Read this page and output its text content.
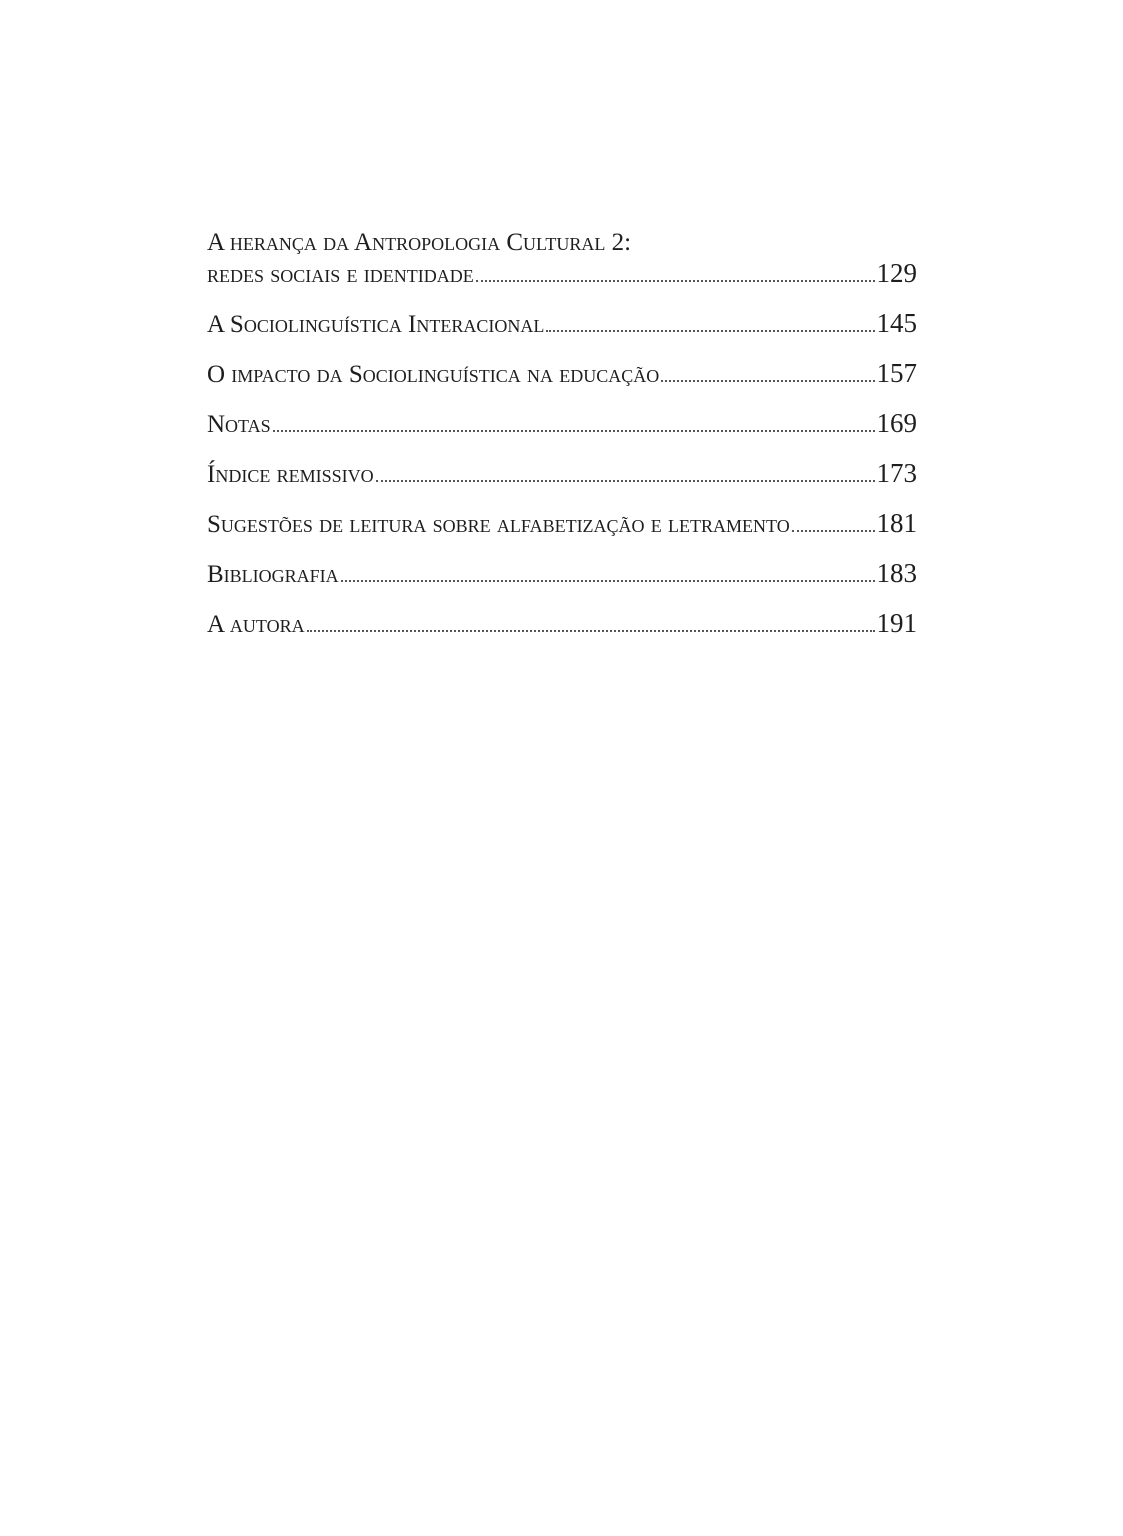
A herança da Antropologia Cultural 2:
redes sociais e identidade	129
A Sociolinguística Interacional	145
O impacto da Sociolinguística na educação	157
Notas	169
Índice remissivo	173
Sugestões de leitura sobre alfabetização e letramento	181
Bibliografia	183
A autora	191
